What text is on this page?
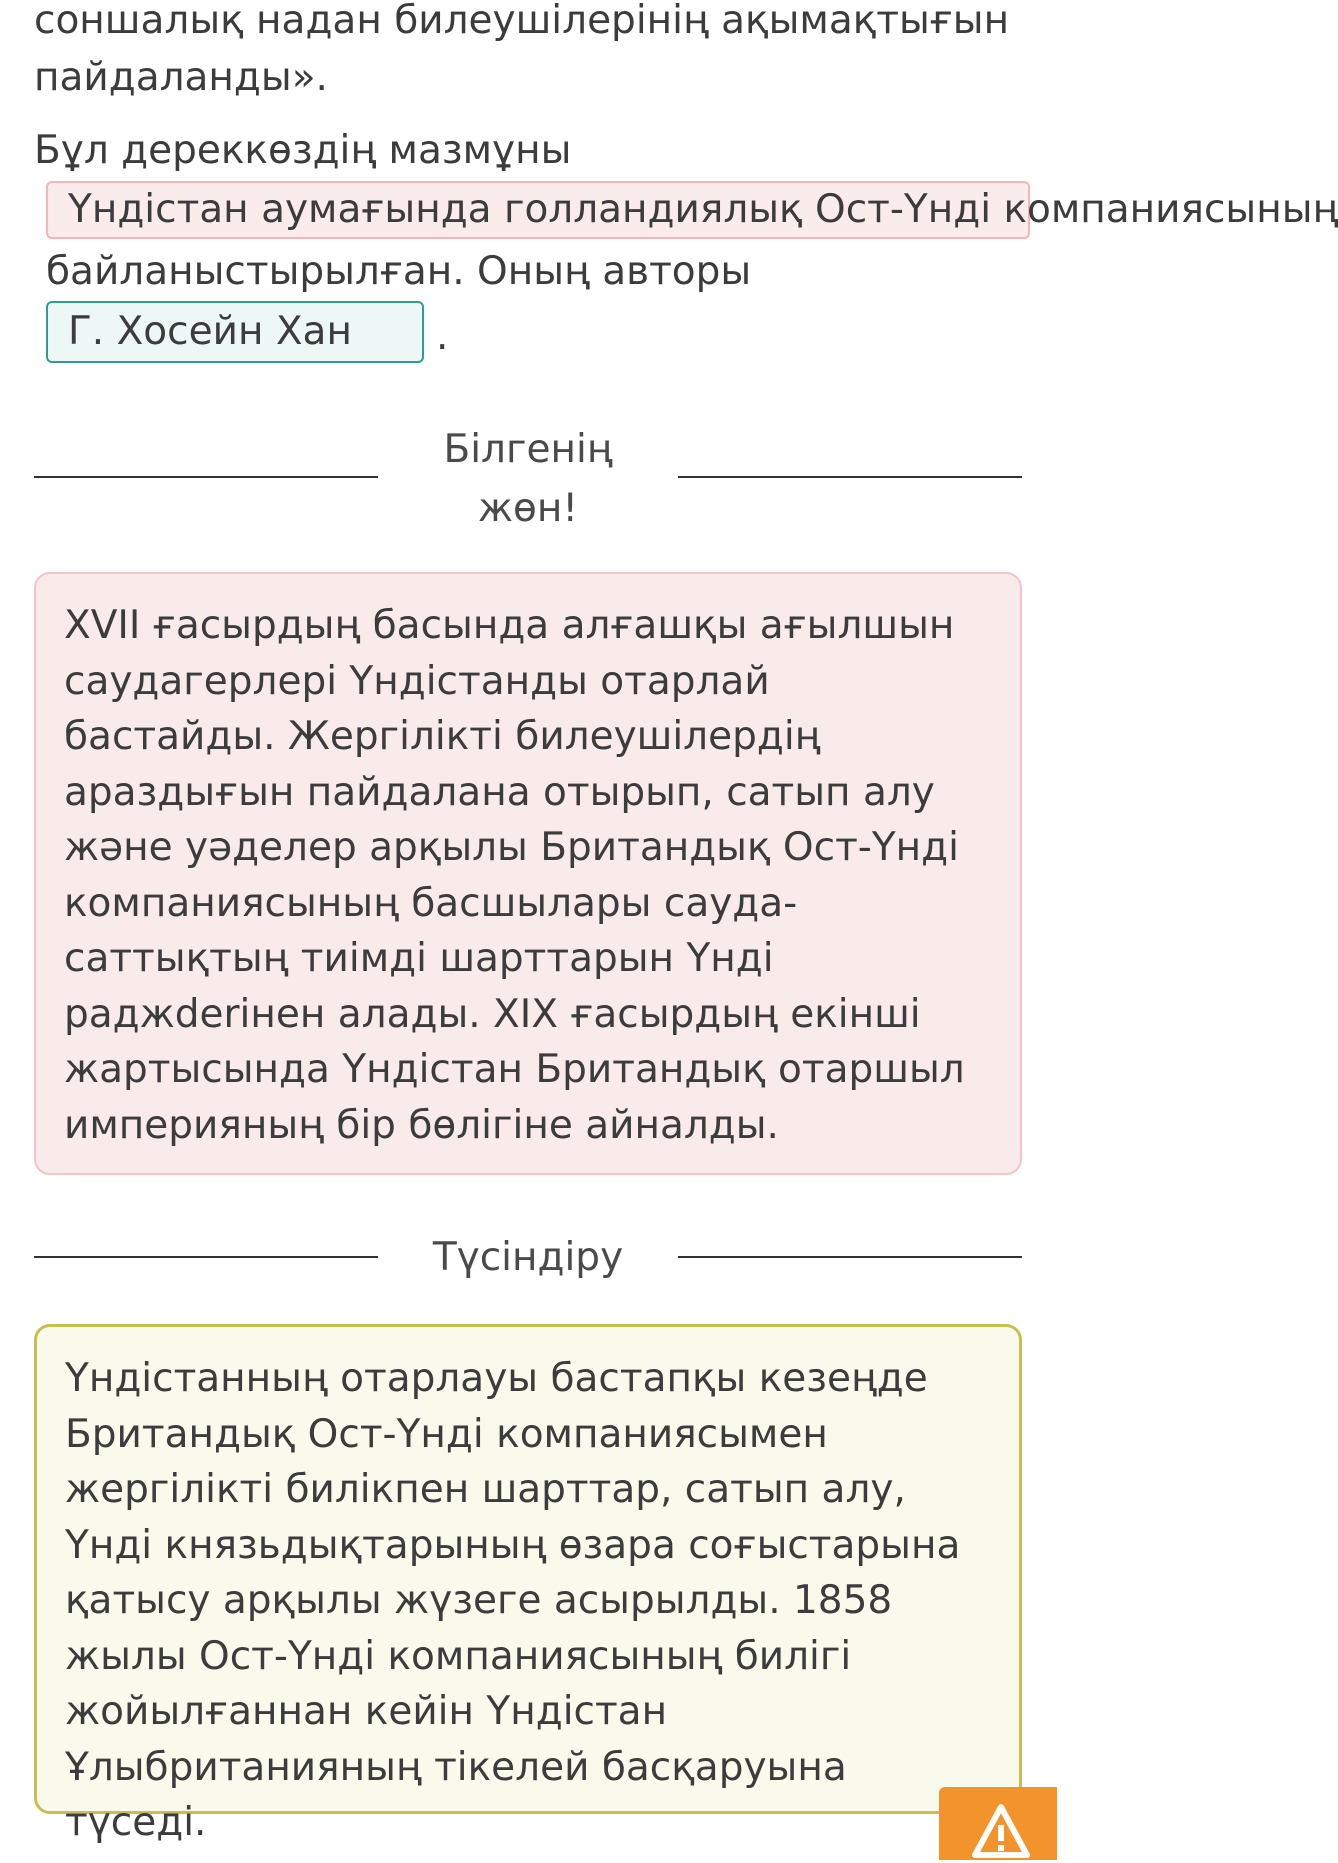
соншалық надан билеушілерінің ақымақтығын пайдаланды».
Бұл дереккөздің мазмұны
Үндістан аумағында голландиялық Ост-Үнді компаниясының
байланыстырылған. Оның авторы
Г. Хосейн Хан	.
Білгенің жөн!
XVII ғасырдың басында алғашқы ағылшын саудагерлері Үндістанды отарлай бастайды. Жергілікті билеушілердің араздығын пайдалана отырып, сатып алу және уәделер арқылы Британдық Ост-Үнді компаниясының басшылары сауда-саттықтың тиімді шарттарын Үнді раджderінен алады. XIX ғасырдың екінші жартысында Үндістан Британдық отаршыл империяның бір бөлігіне айналды.
Түсіндіру
Үндістанның отарлауы бастапқы кезеңде Британдық Ост-Үнді компаниясымен жергілікті билікпен шарттар, сатып алу, Үнді князьдықтарының өзара соғыстарына қатысу арқылы жүзеге асырылды. 1858 жылы Ост-Үнді компаниясының билігі жойылғаннан кейін Үндістан Ұлыбританияның тікелей басқаруына түседі.
